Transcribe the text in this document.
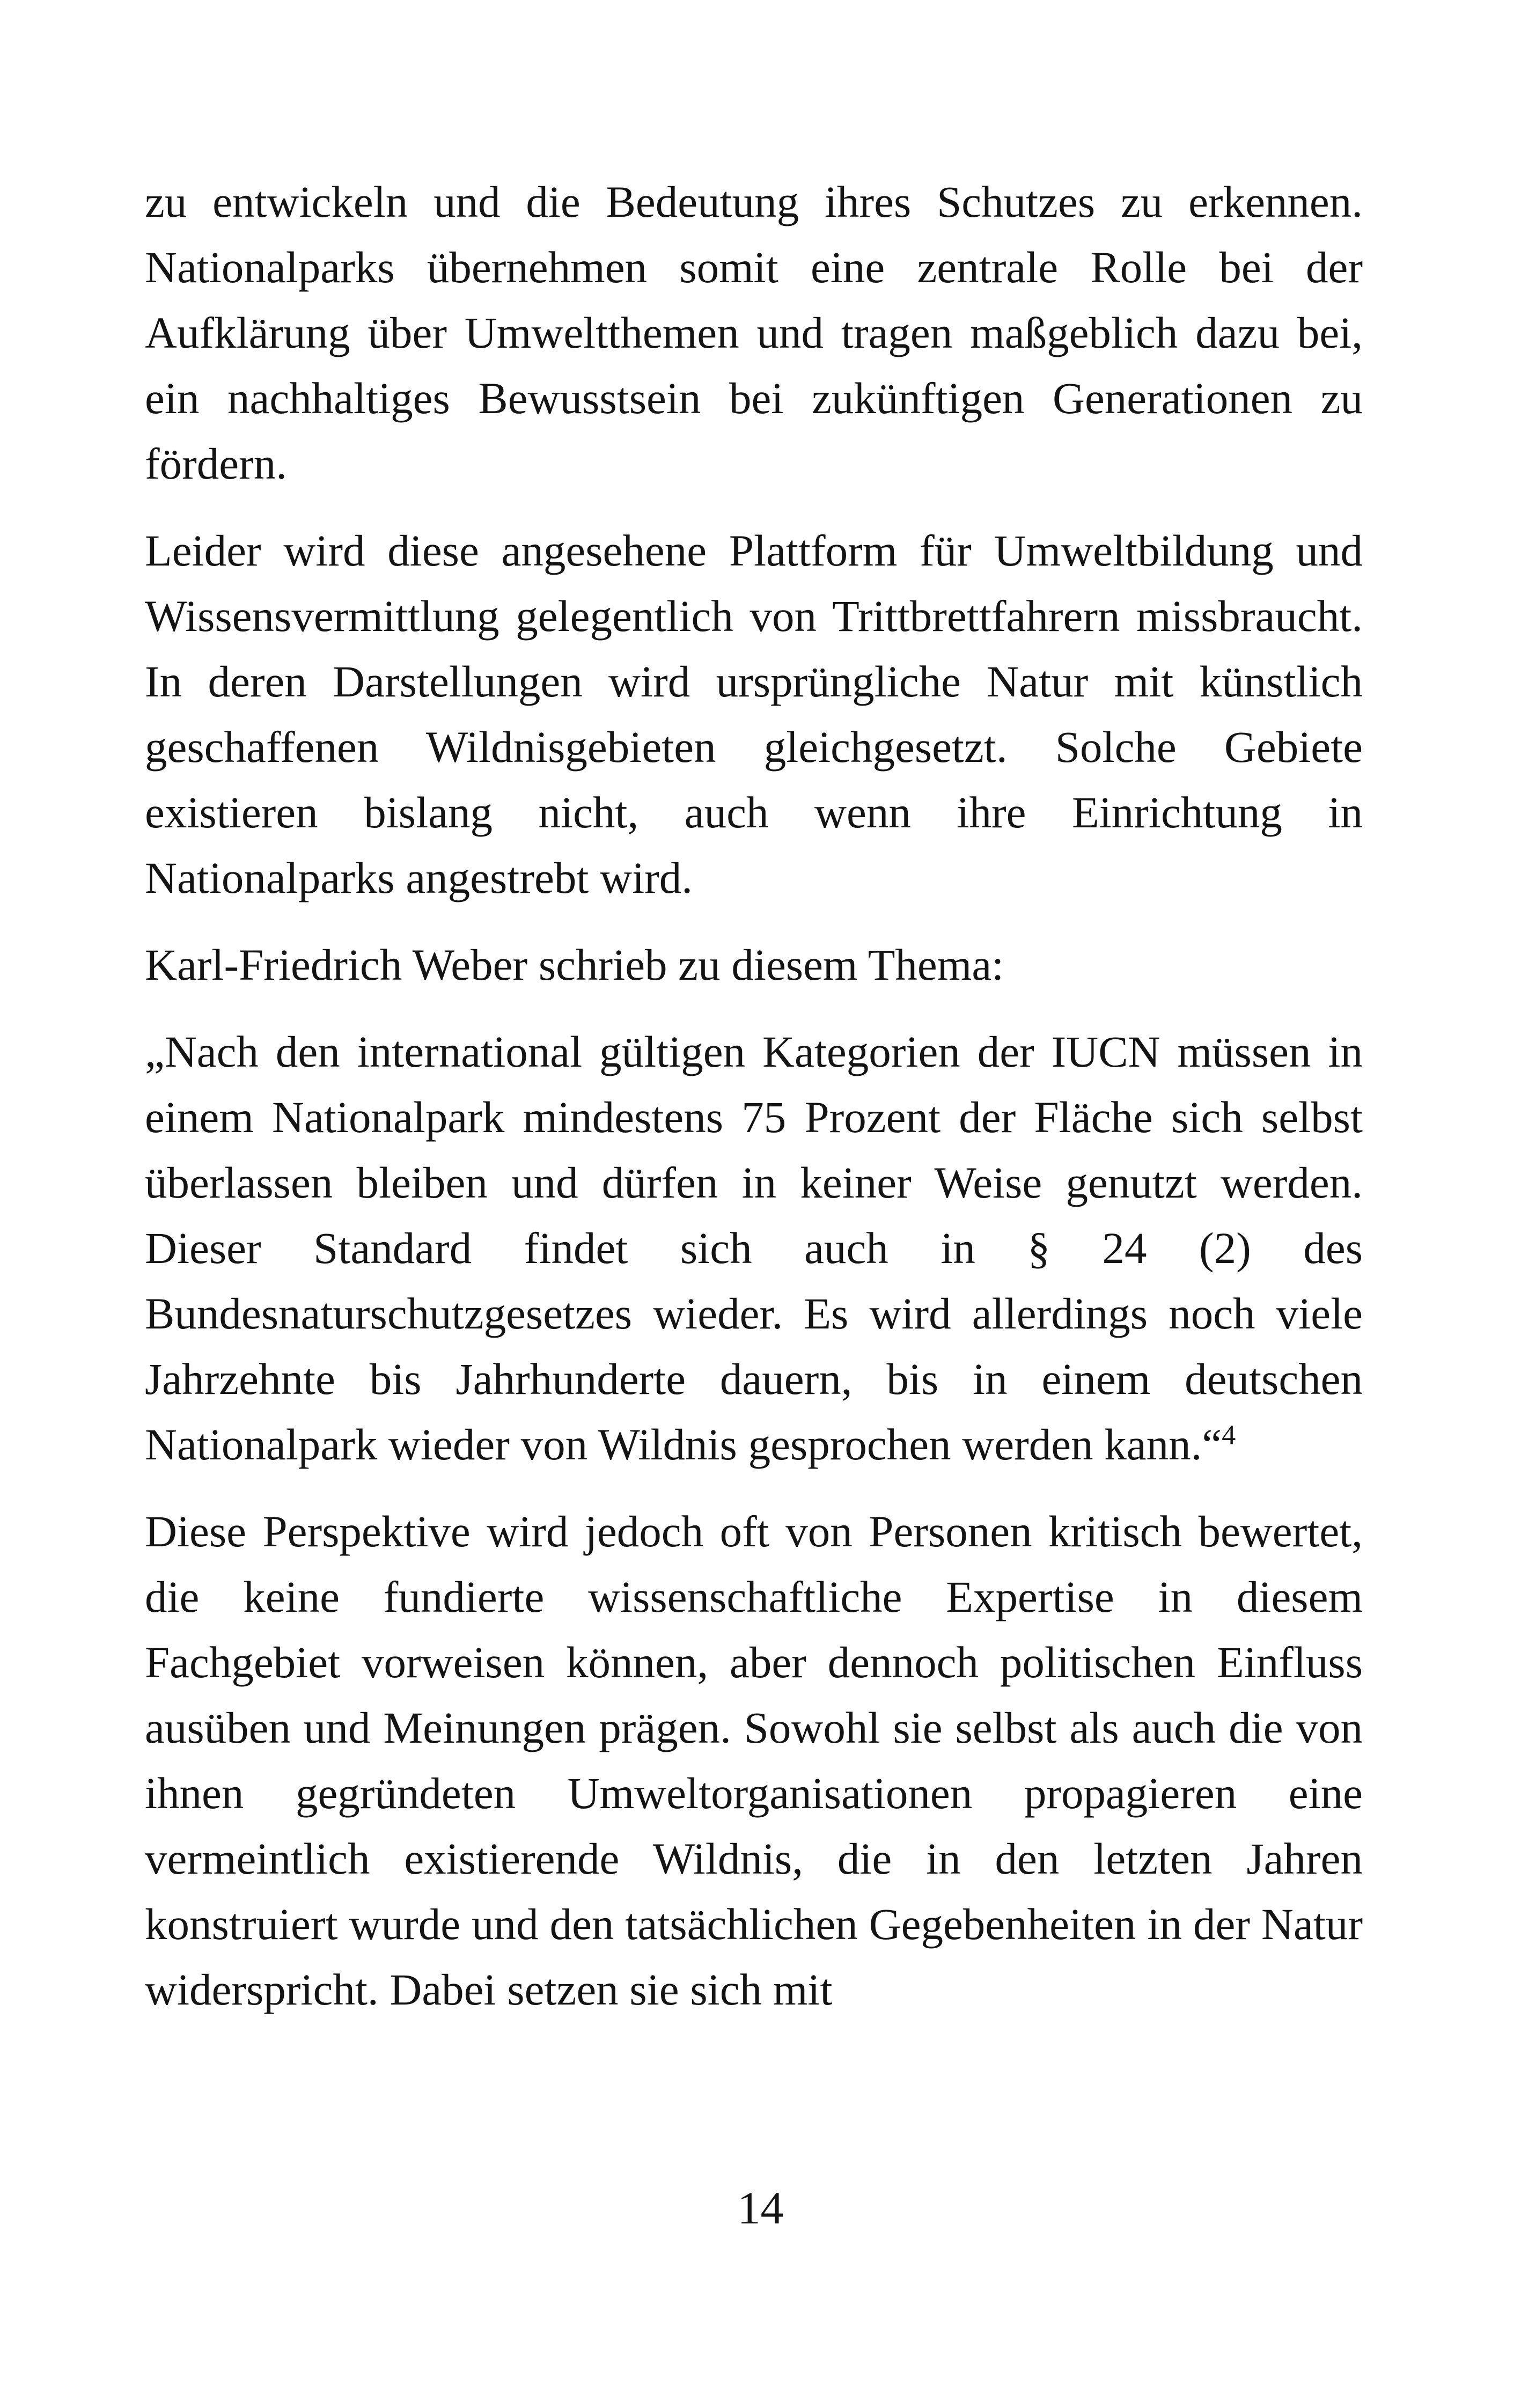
zu entwickeln und die Bedeutung ihres Schutzes zu erkennen. Nationalparks übernehmen somit eine zentrale Rolle bei der Aufklärung über Umweltthemen und tragen maßgeblich dazu bei, ein nachhaltiges Bewusstsein bei zukünftigen Generationen zu fördern.

Leider wird diese angesehene Plattform für Umweltbildung und Wissensvermittlung gelegentlich von Trittbrettfahrern missbraucht. In deren Darstellungen wird ursprüngliche Natur mit künstlich geschaffenen Wildnisgebieten gleichgesetzt. Solche Gebiete existieren bislang nicht, auch wenn ihre Einrichtung in Nationalparks angestrebt wird.

Karl-Friedrich Weber schrieb zu diesem Thema:

„Nach den international gültigen Kategorien der IUCN müssen in einem Nationalpark mindestens 75 Prozent der Fläche sich selbst überlassen bleiben und dürfen in keiner Weise genutzt werden. Dieser Standard findet sich auch in § 24 (2) des Bundesnaturschutzgesetzes wieder. Es wird allerdings noch viele Jahrzehnte bis Jahrhunderte dauern, bis in einem deutschen Nationalpark wieder von Wildnis gesprochen werden kann.“$^4$

Diese Perspektive wird jedoch oft von Personen kritisch bewertet, die keine fundierte wissenschaftliche Expertise in diesem Fachgebiet vorweisen können, aber dennoch politischen Einfluss ausüben und Meinungen prägen. Sowohl sie selbst als auch die von ihnen gegründeten Umweltorganisationen propagieren eine vermeintlich existierende Wildnis, die in den letzten Jahren konstruiert wurde und den tatsächlichen Gegebenheiten in der Natur widerspricht. Dabei setzen sie sich mit

14
